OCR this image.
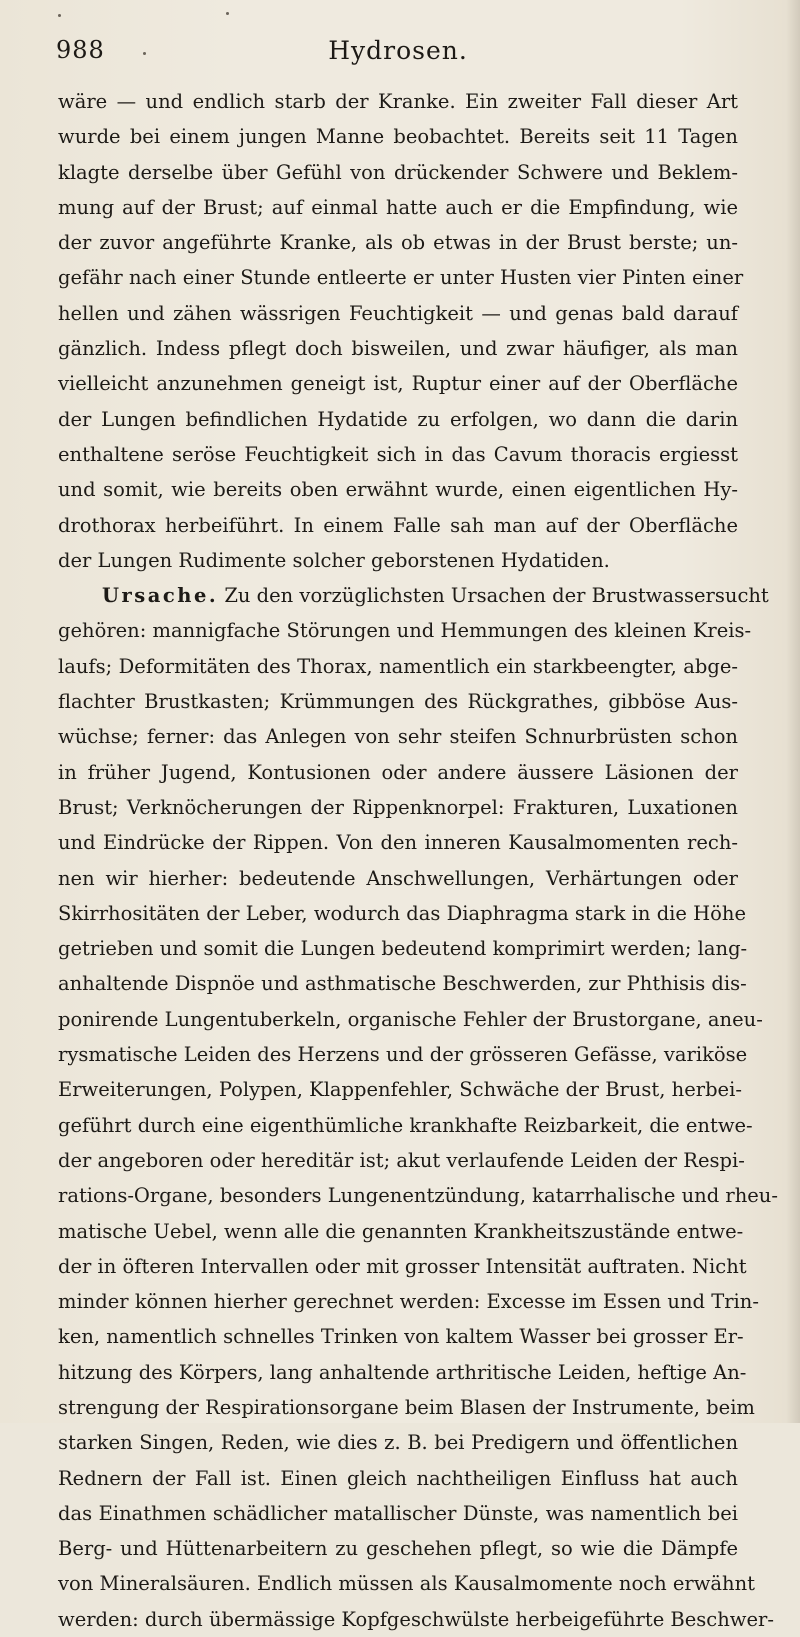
988	Hydrosen.
wäre — und endlich starb der Kranke. Ein zweiter Fall dieser Art
wurde bei einem jungen Manne beobachtet. Bereits seit 11 Tagen
klagte derselbe über Gefühl von drückender Schwere und Beklem-
mung auf der Brust; auf einmal hatte auch er die Empfindung, wie
der zuvor angeführte Kranke, als ob etwas in der Brust berste; un-
gefähr nach einer Stunde entleerte er unter Husten vier Pinten einer
hellen und zähen wässrigen Feuchtigkeit — und genas bald darauf
gänzlich. Indess pflegt doch bisweilen, und zwar häufiger, als man
vielleicht anzunehmen geneigt ist, Ruptur einer auf der Oberfläche
der Lungen befindlichen Hydatide zu erfolgen, wo dann die darin
enthaltene seröse Feuchtigkeit sich in das Cavum thoracis ergiesst
und somit, wie bereits oben erwähnt wurde, einen eigentlichen Hy-
drothorax herbeiführt. In einem Falle sah man auf der Oberfläche
der Lungen Rudimente solcher geborstenen Hydatiden.
Ursache. Zu den vorzüglichsten Ursachen der Brustwassersucht
gehören: mannigfache Störungen und Hemmungen des kleinen Kreis-
laufs; Deformitäten des Thorax, namentlich ein starkbeengter, abge-
flachter Brustkasten; Krümmungen des Rückgrathes, gibböse Aus-
wüchse; ferner: das Anlegen von sehr steifen Schnurbrüsten schon
in früher Jugend, Kontusionen oder andere äussere Läsionen der
Brust; Verknöcherungen der Rippenknorpel: Frakturen, Luxationen
und Eindrücke der Rippen. Von den inneren Kausalmomenten rech-
nen wir hierher: bedeutende Anschwellungen, Verhärtungen oder
Skirrhositäten der Leber, wodurch das Diaphragma stark in die Höhe
getrieben und somit die Lungen bedeutend komprimirt werden; lang-
anhaltende Dispnöe und asthmatische Beschwerden, zur Phthisis dis-
ponirende Lungentuberkeln, organische Fehler der Brustorgane, aneu-
rysmatische Leiden des Herzens und der grösseren Gefässe, variköse
Erweiterungen, Polypen, Klappenfehler, Schwäche der Brust, herbei-
geführt durch eine eigenthümliche krankhafte Reizbarkeit, die entwe-
der angeboren oder hereditär ist; akut verlaufende Leiden der Respi-
rations-Organe, besonders Lungenentzündung, katarrhalische und rheu-
matische Uebel, wenn alle die genannten Krankheitszustände entwe-
der in öfteren Intervallen oder mit grosser Intensität auftraten. Nicht
minder können hierher gerechnet werden: Excesse im Essen und Trin-
ken, namentlich schnelles Trinken von kaltem Wasser bei grosser Er-
hitzung des Körpers, lang anhaltende arthritische Leiden, heftige An-
strengung der Respirationsorgane beim Blasen der Instrumente, beim
starken Singen, Reden, wie dies z. B. bei Predigern und öffentlichen
Rednern der Fall ist. Einen gleich nachtheiligen Einfluss hat auch
das Einathmen schädlicher matallischer Dünste, was namentlich bei
Berg- und Hüttenarbeitern zu geschehen pflegt, so wie die Dämpfe
von Mineralsäuren. Endlich müssen als Kausalmomente noch erwähnt
werden: durch übermässige Kopfgeschwülste herbeigeführte Beschwer-
